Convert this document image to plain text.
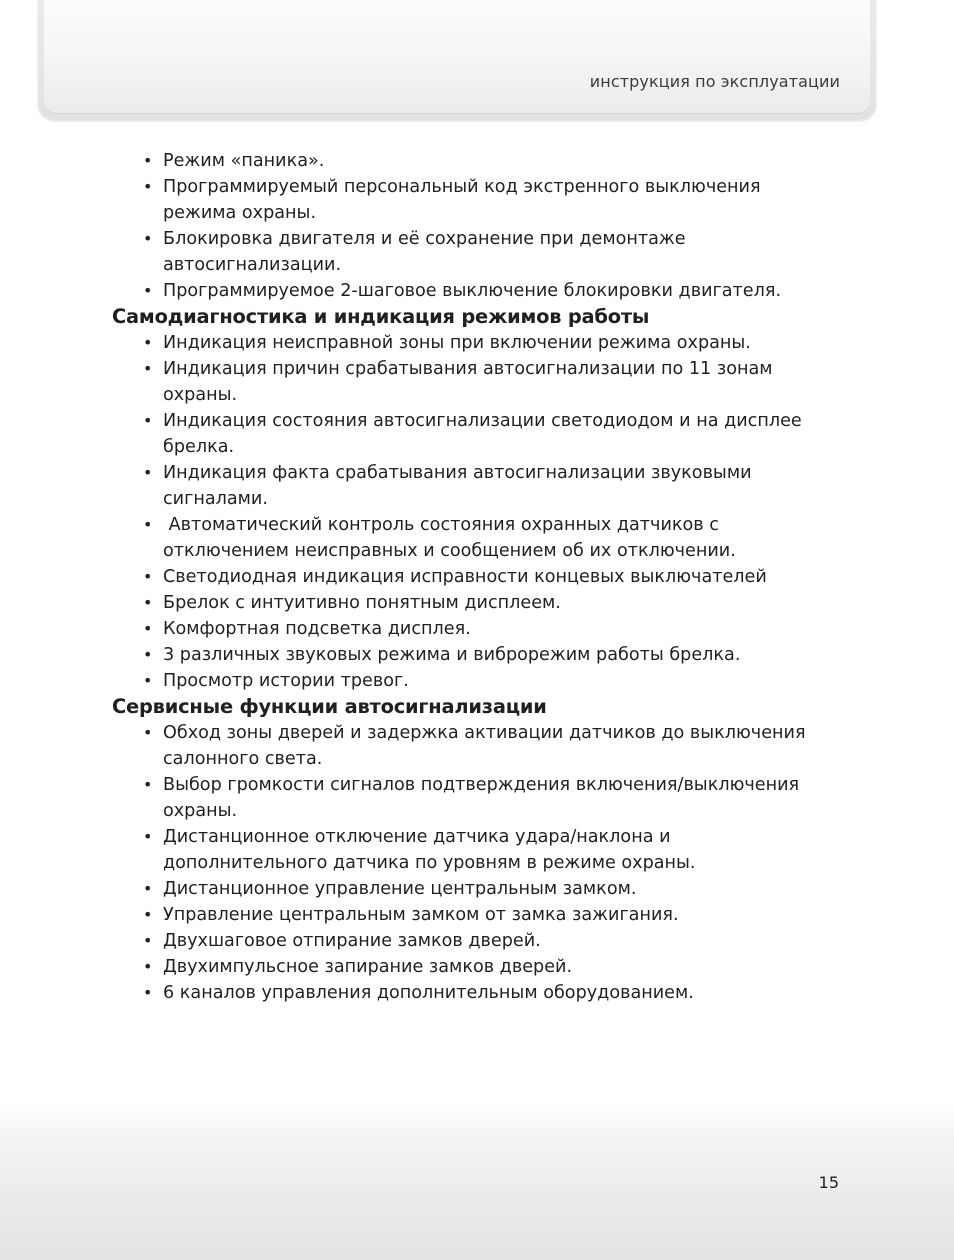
инструкция по эксплуатации
• Режим «паника».
• Программируемый персональный код экстренного выключения режима охраны.
• Блокировка двигателя и её сохранение при демонтаже автосигнализации.
• Программируемое 2-шаговое выключение блокировки двигателя.
Самодиагностика и индикация режимов работы
• Индикация неисправной зоны при включении режима охраны.
• Индикация причин срабатывания автосигнализации по 11 зонам охраны.
• Индикация состояния автосигнализации светодиодом и на дисплее брелка.
• Индикация факта срабатывания автосигнализации звуковыми сигналами.
• Автоматический контроль состояния охранных датчиков с отключением неисправных и сообщением об их отключении.
• Светодиодная индикация исправности концевых выключателей
• Брелок с интуитивно понятным дисплеем.
• Комфортная подсветка дисплея.
• 3 различных звуковых режима и виброрежим работы брелка.
• Просмотр истории тревог.
Сервисные функции автосигнализации
• Обход зоны дверей и задержка активации датчиков до выключения салонного света.
• Выбор громкости сигналов подтверждения включения/выключения охраны.
• Дистанционное отключение датчика удара/наклона и дополнительного датчика по уровням в режиме охраны.
• Дистанционное управление центральным замком.
• Управление центральным замком от замка зажигания.
• Двухшаговое отпирание замков дверей.
• Двухимпульсное запирание замков дверей.
• 6 каналов управления дополнительным оборудованием.
15
